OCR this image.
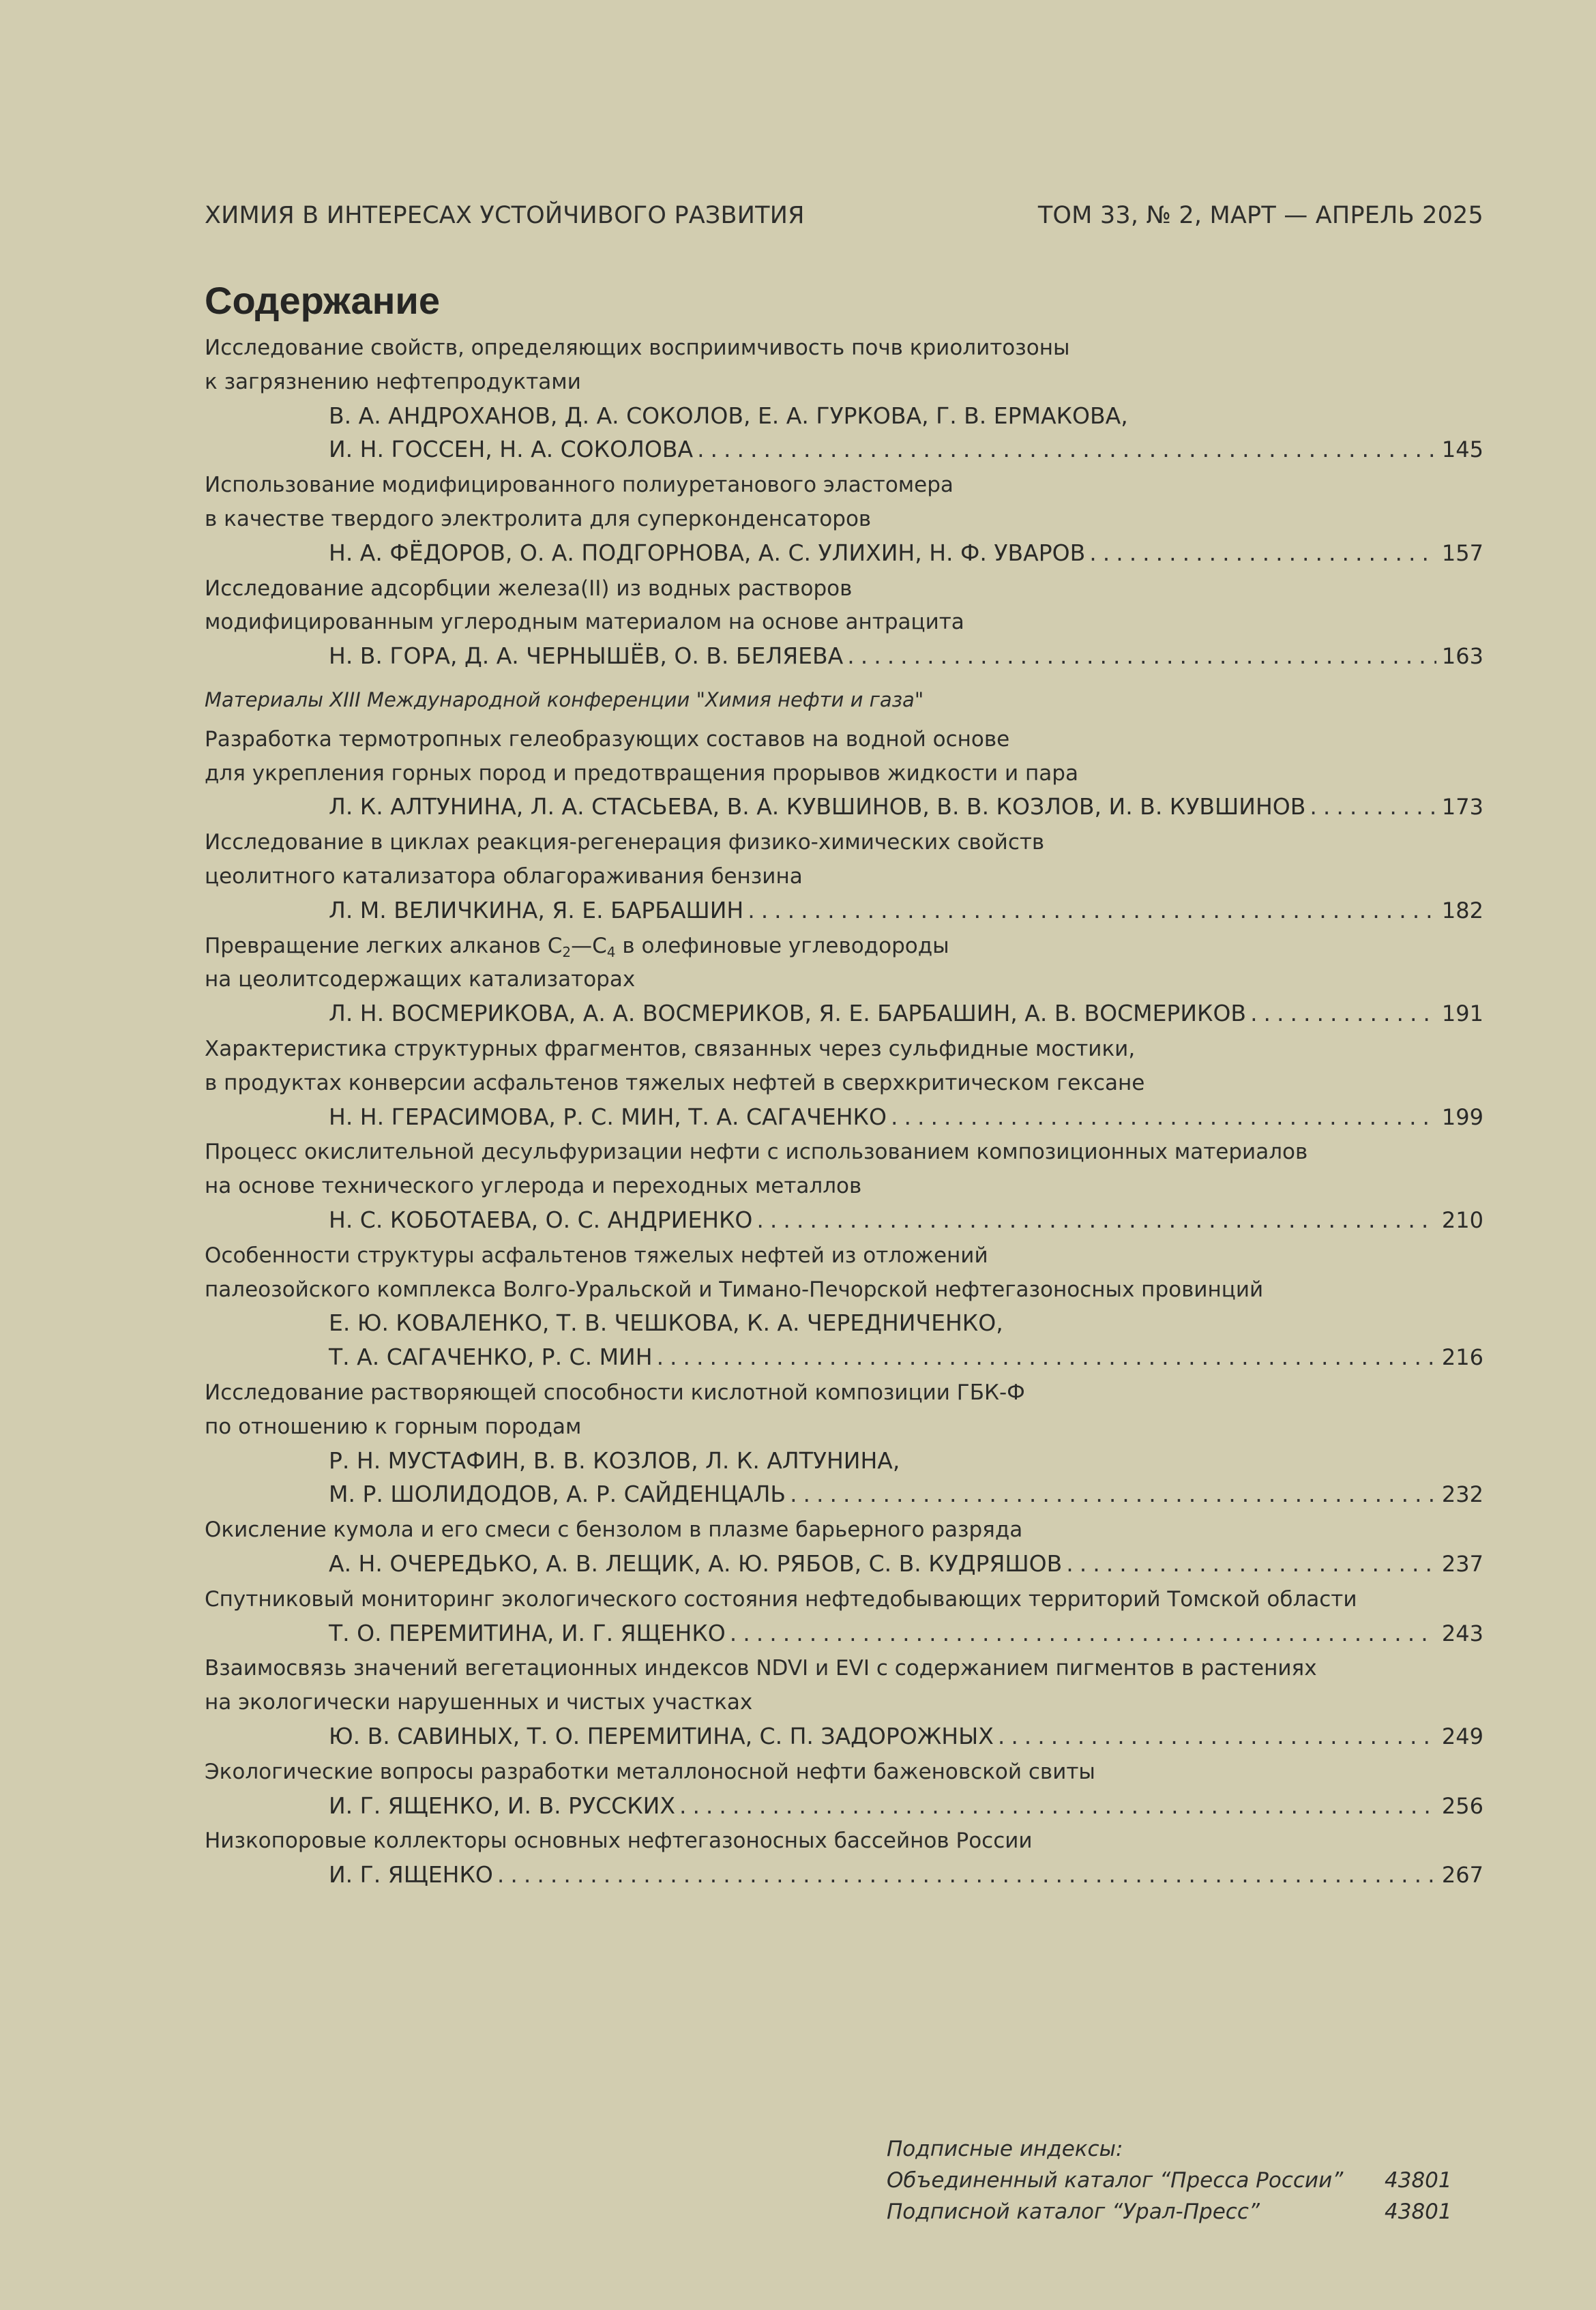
ХИМИЯ В ИНТЕРЕСАХ УСТОЙЧИВОГО РАЗВИТИЯ	ТОМ 33, № 2, МАРТ — АПРЕЛЬ 2025
Содержание
Исследование свойств, определяющих восприимчивость почв криолитозоны
к загрязнению нефтепродуктами
В. А. АНДРОХАНОВ, Д. А. СОКОЛОВ, Е. А. ГУРКОВА, Г. В. ЕРМАКОВА,
И. Н. ГОССЕН, Н. А. СОКОЛОВА .....	145
Использование модифицированного полиуретанового эластомера
в качестве твердого электролита для суперконденсаторов
Н. А. ФЁДОРОВ, О. А. ПОДГОРНОВА, А. С. УЛИХИН, Н. Ф. УВАРОВ .....	157
Исследование адсорбции железа(II) из водных растворов
модифицированным углеродным материалом на основе антрацита
Н. В. ГОРА, Д. А. ЧЕРНЫШЁВ, О. В. БЕЛЯЕВА .....	163
Материалы XIII Международной конференции "Химия нефти и газа"
Разработка термотропных гелеобразующих составов на водной основе
для укрепления горных пород и предотвращения прорывов жидкости и пара
Л. К. АЛТУНИНА, Л. А. СТАСЬЕВА, В. А. КУВШИНОВ, В. В. КОЗЛОВ, И. В. КУВШИНОВ .....	173
Исследование в циклах реакция-регенерация физико-химических свойств
цеолитного катализатора облагораживания бензина
Л. М. ВЕЛИЧКИНА, Я. Е. БАРБАШИН .....	182
Превращение легких алканов $C_2—C_4$ в олефиновые углеводороды
на цеолитсодержащих катализаторах
Л. Н. ВОСМЕРИКОВА, А. А. ВОСМЕРИКОВ, Я. Е. БАРБАШИН, А. В. ВОСМЕРИКОВ .....	191
Характеристика структурных фрагментов, связанных через сульфидные мостики,
в продуктах конверсии асфальтенов тяжелых нефтей в сверхкритическом гексане
Н. Н. ГЕРАСИМОВА, Р. С. МИН, Т. А. САГАЧЕНКО .....	199
Процесс окислительной десульфуризации нефти с использованием композиционных материалов
на основе технического углерода и переходных металлов
Н. С. КОБОТАЕВА, О. С. АНДРИЕНКО .....	210
Особенности структуры асфальтенов тяжелых нефтей из отложений
палеозойского комплекса Волго-Уральской и Тимано-Печорской нефтегазоносных провинций
Е. Ю. КОВАЛЕНКО, Т. В. ЧЕШКОВА, К. А. ЧЕРЕДНИЧЕНКО,
Т. А. САГАЧЕНКО, Р. С. МИН .....	216
Исследование растворяющей способности кислотной композиции ГБК-Ф
по отношению к горным породам
Р. Н. МУСТАФИН, В. В. КОЗЛОВ, Л. К. АЛТУНИНА,
М. Р. ШОЛИДОДОВ, А. Р. САЙДЕНЦАЛЬ .....	232
Окисление кумола и его смеси с бензолом в плазме барьерного разряда
А. Н. ОЧЕРЕДЬКО, А. В. ЛЕЩИК, А. Ю. РЯБОВ, С. В. КУДРЯШОВ .....	237
Спутниковый мониторинг экологического состояния нефтедобывающих территорий Томской области
Т. О. ПЕРЕМИТИНА, И. Г. ЯЩЕНКО .....	243
Взаимосвязь значений вегетационных индексов NDVI и EVI с содержанием пигментов в растениях
на экологически нарушенных и чистых участках
Ю. В. САВИНЫХ, Т. О. ПЕРЕМИТИНА, С. П. ЗАДОРОЖНЫХ .....	249
Экологические вопросы разработки металлоносной нефти баженовской свиты
И. Г. ЯЩЕНКО, И. В. РУССКИХ .....	256
Низкопоровые коллекторы основных нефтегазоносных бассейнов России
И. Г. ЯЩЕНКО .....	267
Подписные индексы:
Объединенный каталог “Пресса России”	43801
Подписной каталог “Урал-Пресс”	43801
